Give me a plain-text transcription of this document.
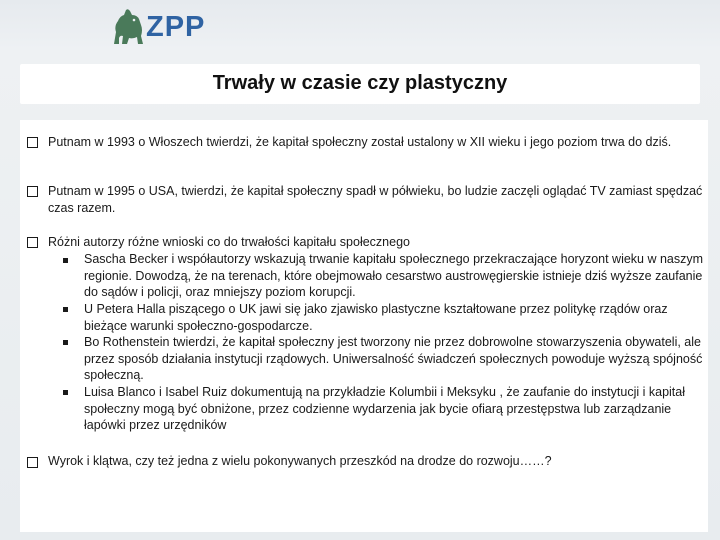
ZPP
Trwały w czasie czy plastyczny
Putnam w 1993 o Włoszech twierdzi, że kapitał społeczny został ustalony w XII wieku i jego poziom trwa do dziś.
Putnam w 1995 o USA, twierdzi, że kapitał społeczny spadł w półwieku, bo ludzie zaczęli oglądać TV zamiast spędzać czas razem.
Różni autorzy różne wnioski co do trwałości kapitału społecznego
Sascha Becker i współautorzy wskazują trwanie kapitału społecznego przekraczające horyzont wieku w naszym regionie. Dowodzą, że na terenach, które obejmowało cesarstwo austrowęgierskie istnieje dziś wyższe zaufanie do sądów i policji, oraz mniejszy poziom korupcji.
U Petera Halla piszącego o UK jawi się jako zjawisko plastyczne kształtowane przez politykę rządów oraz bieżące warunki społeczno-gospodarcze.
Bo Rothenstein twierdzi, że kapitał społeczny jest tworzony nie przez dobrowolne stowarzyszenia obywateli, ale przez sposób działania instytucji rządowych. Uniwersalność świadczeń społecznych powoduje wyższą spójność społeczną.
Luisa Blanco i Isabel Ruiz dokumentują na przykładzie Kolumbii i Meksyku , że zaufanie do instytucji i kapitał społeczny mogą być obniżone, przez codzienne wydarzenia jak bycie ofiarą przestępstwa lub zarządzanie łapówki przez urzędników
Wyrok i klątwa, czy też jedna z wielu pokonywanych przeszkód na drodze do rozwoju……?
